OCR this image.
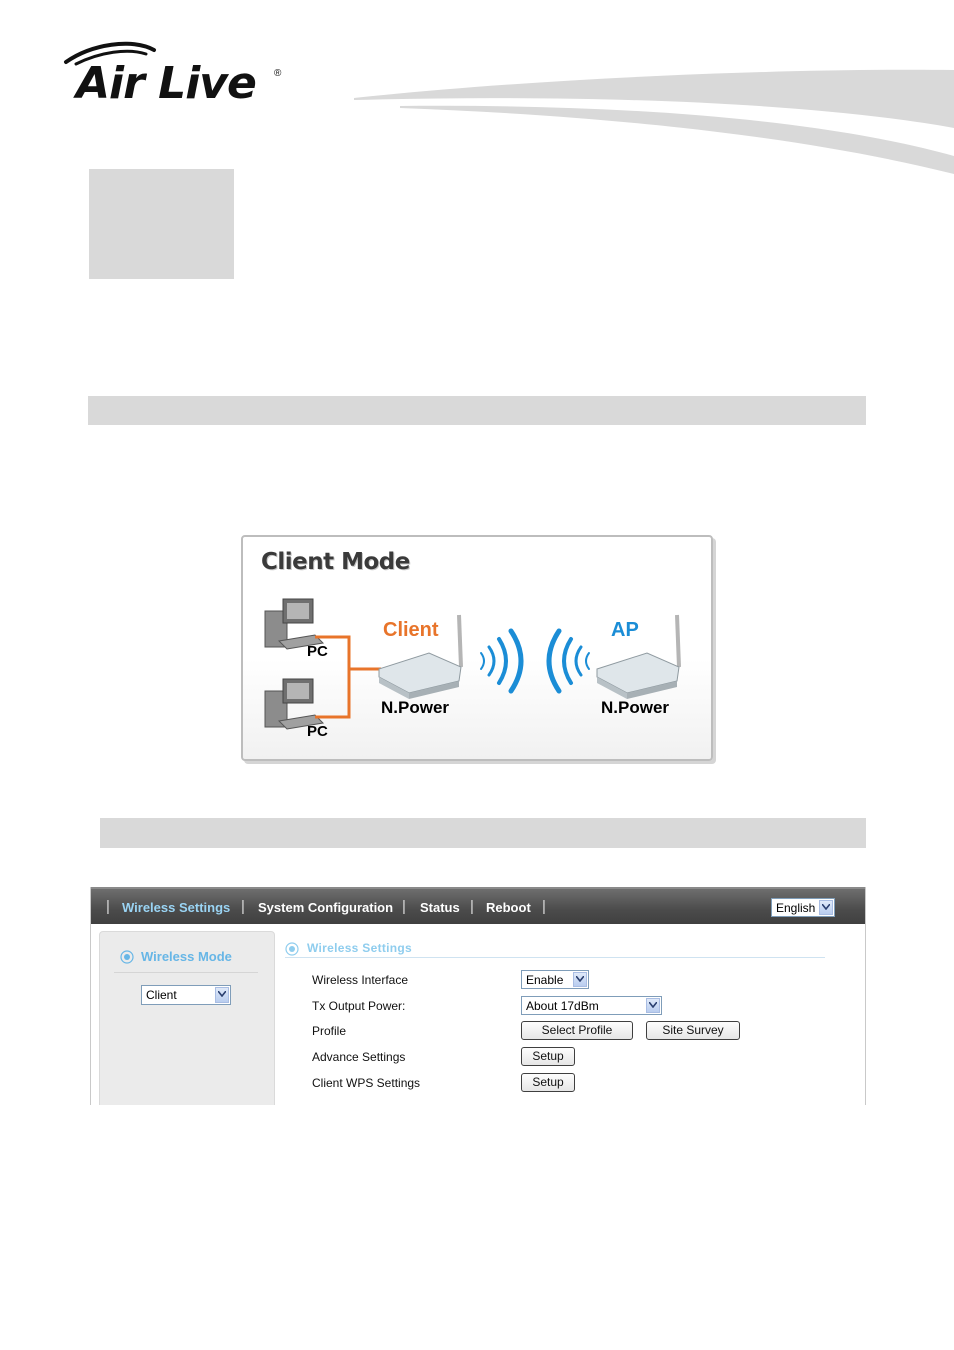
Air Live ®
Client Mode
Client	AP
PC
PC
N.Power	N.Power
| Wireless Settings | System Configuration | Status | Reboot |	English
Wireless Mode
Client
Wireless Settings
Wireless Interface	Enable
Tx Output Power:	About 17dBm
Profile	Select Profile	Site Survey
Advance Settings	Setup
Client WPS Settings	Setup
